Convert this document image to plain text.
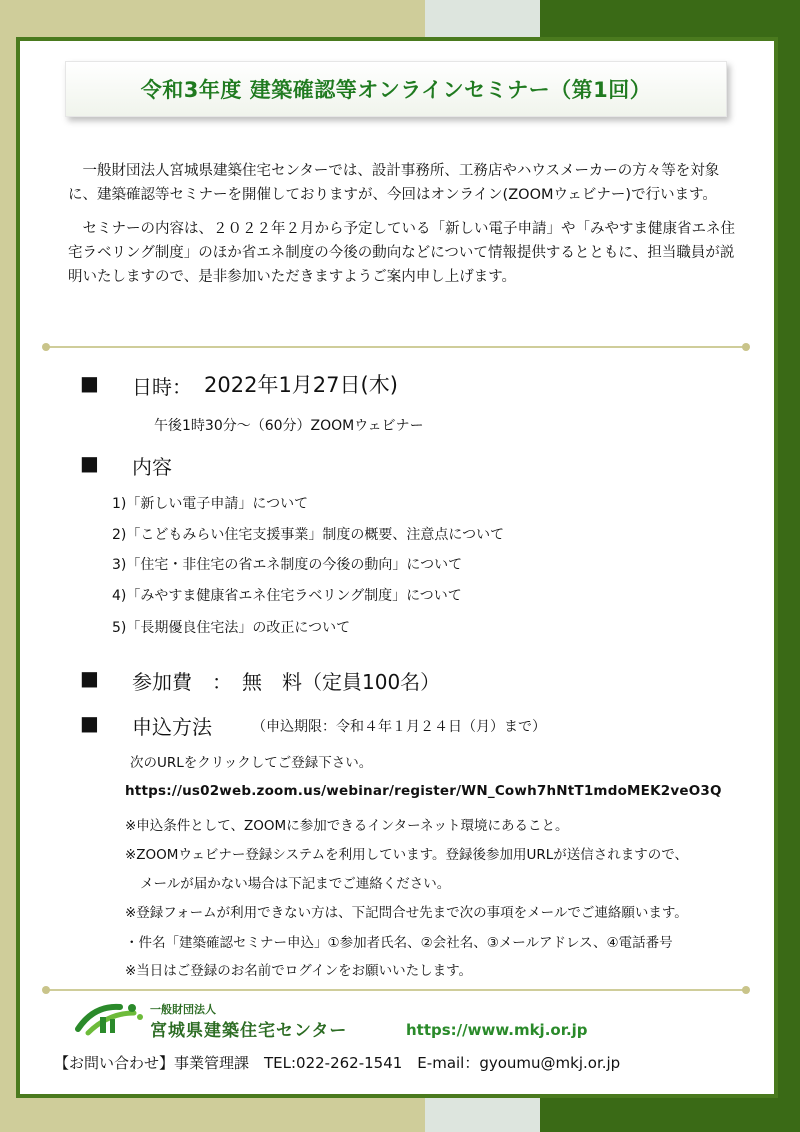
令和3年度 建築確認等オンラインセミナー（第1回）

一般財団法人宮城県建築住宅センターでは、設計事務所、工務店やハウスメーカーの方々等を対象に、建築確認等セミナーを開催しておりますが、今回はオンライン(ZOOMウェビナー)で行います。

セミナーの内容は、２０２２年２月から予定している「新しい電子申請」や「みやすま健康省エネ住宅ラベリング制度」のほか省エネ制度の今後の動向などについて情報提供するとともに、担当職員が説明いたしますので、是非参加いただきますようご案内申し上げます。

■ 日時： 2022年1月27日(木)
午後1時30分～（60分）ZOOMウェビナー
■ 内容
1)「新しい電子申請」について
2)「こどもみらい住宅支援事業」制度の概要、注意点について
3)「住宅・非住宅の省エネ制度の今後の動向」について
4)「みやすま健康省エネ住宅ラベリング制度」について
5)「長期優良住宅法」の改正について
■ 参加費　：　無　料（定員100名）
■ 申込方法	（申込期限：令和４年１月２４日（月）まで）
次のURLをクリックしてご登録下さい。
https://us02web.zoom.us/webinar/register/WN_Cowh7hNtT1mdoMEK2veO3Q
※申込条件として、ZOOMに参加できるインターネット環境にあること。
※ZOOMウェビナー登録システムを利用しています。登録後参加用URLが送信されますので、
メールが届かない場合は下記までご連絡ください。
※登録フォームが利用できない方は、下記問合せ先まで次の事項をメールでご連絡願います。
・件名「建築確認セミナー申込」①参加者氏名、②会社名、③メールアドレス、④電話番号
※当日はご登録のお名前でログインをお願いいたします。
一般財団法人
宮城県建築住宅センター	https://www.mkj.or.jp
【お問い合わせ】事業管理課　TEL:022-262-1541　E-mail：gyoumu@mkj.or.jp
